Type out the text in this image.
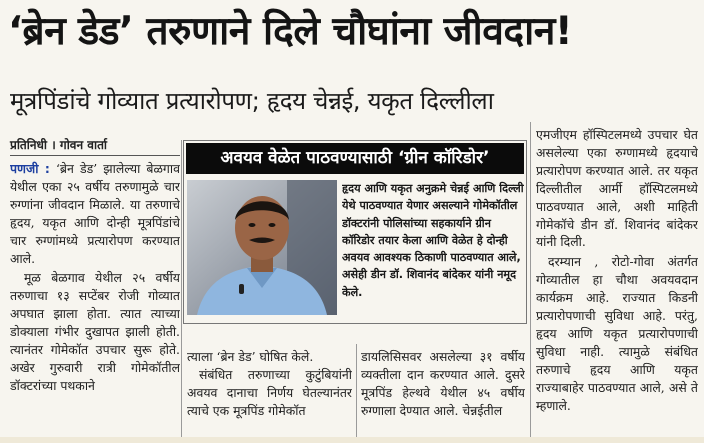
‘ब्रेन डेड’ तरुणाने दिले चौघांना जीवदान!
मूत्रपिंडांचे गोव्यात प्रत्यारोपण; हृदय चेन्नई, यकृत दिल्लीला
प्रतिनिधी । गोवन वार्ता
पणजी : ‘ब्रेन डेड’ झालेल्या बेळगाव येथील एका २५ वर्षीय तरुणामुळे चार रुग्णांना जीवदान मिळाले. या तरुणाचे हृदय, यकृत आणि दोन्ही मूत्रपिंडांचे चार रुग्णांमध्ये प्रत्यारोपण करण्यात आले.
मूळ बेळगाव येथील २५ वर्षीय तरुणाचा १३ सप्टेंबर रोजी गोव्यात अपघात झाला होता. त्यात त्याच्या डोक्याला गंभीर दुखापत झाली होती. त्यानंतर गोमेकॉत उपचार सुरू होते. अखेर गुरुवारी रात्री गोमेकॉतील डॉक्टरांच्या पथकाने
अवयव वेळेत पाठवण्यासाठी ‘ग्रीन कॉरिडोर’
हृदय आणि यकृत अनुक्रमे चेन्नई आणि दिल्ली येथे पाठवण्यात येणार असल्याने गोमेकॉतील डॉक्टरांनी पोलिसांच्या सहकार्याने ग्रीन कॉरिडोर तयार केला आणि वेळेत हे दोन्ही अवयव आवश्यक ठिकाणी पाठवण्यात आले, असेही डीन डॉ. शिवानंद बांदेकर यांनी नमूद केले.
त्याला ‘ब्रेन डेड’ घोषित केले.
संबंधित तरुणाच्या कुटुंबियांनी अवयव दानाचा निर्णय घेतल्यानंतर त्याचे एक मूत्रपिंड गोमेकॉत
डायलिसिसवर असलेल्या ३१ वर्षीय व्यक्तीला दान करण्यात आले. दुसरे मूत्रपिंड हेल्थवे येथील ४५ वर्षीय रुग्णाला देण्यात आले. चेन्नईतील
एमजीएम हॉस्पिटलमध्ये उपचार घेत असलेल्या एका रुग्णामध्ये हृदयाचे प्रत्यारोपण करण्यात आले. तर यकृत दिल्लीतील आर्मी हॉस्पिटलमध्ये पाठवण्यात आले, अशी माहिती गोमेकॉचे डीन डॉ. शिवानंद बांदेकर यांनी दिली.
दरम्यान , रोटो-गोवा अंतर्गत गोव्यातील हा चौथा अवयवदान कार्यक्रम आहे. राज्यात किडनी प्रत्यारोपणाची सुविधा आहे. परंतु, हृदय आणि यकृत प्रत्यारोपणाची सुविधा नाही. त्यामुळे संबंधित तरुणाचे हृदय आणि यकृत राज्याबाहेर पाठवण्यात आले, असे ते म्हणाले.
